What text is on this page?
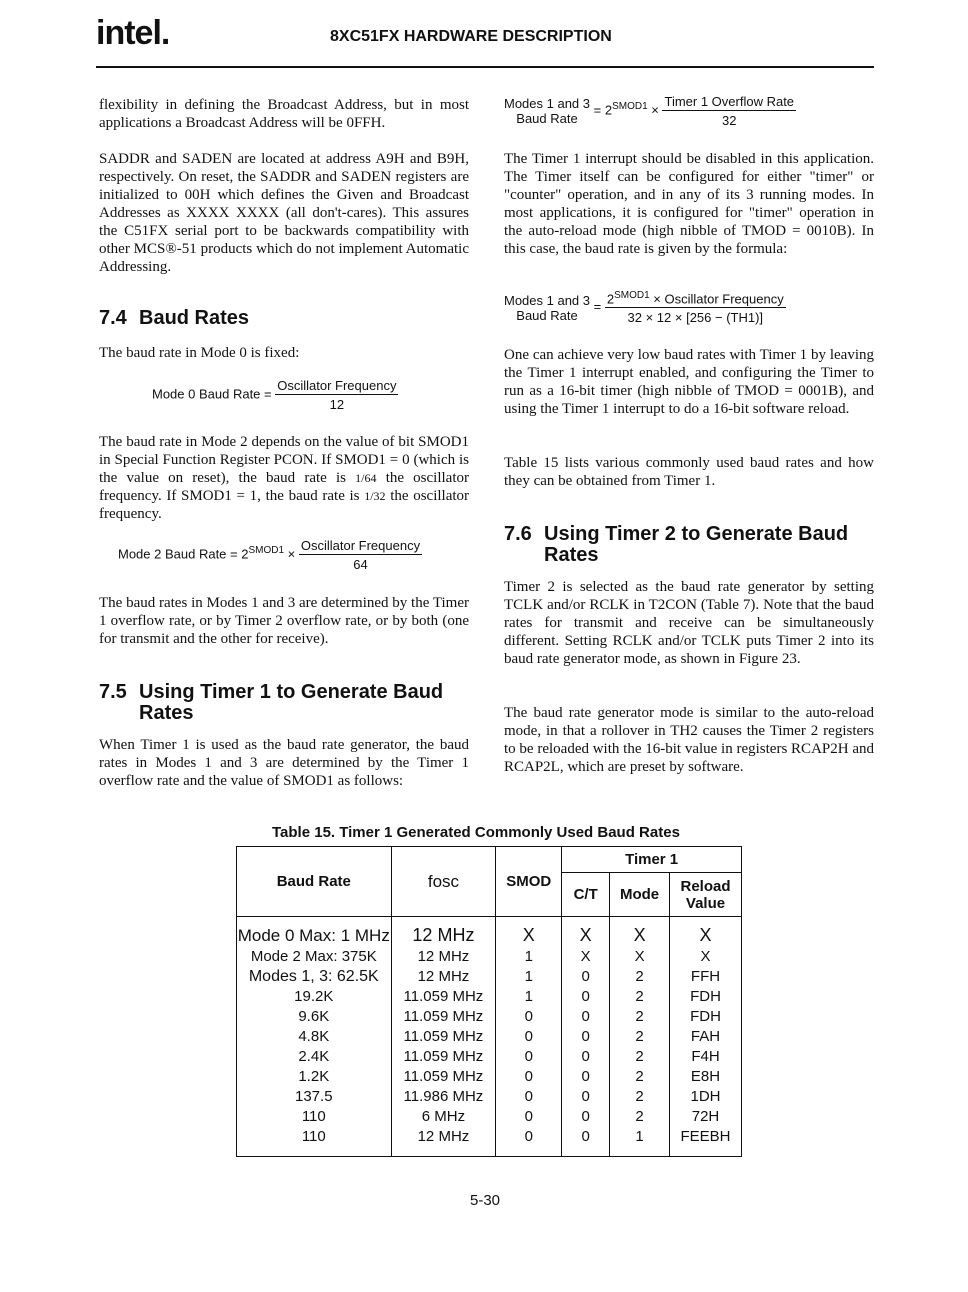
intel.	8XC51FX HARDWARE DESCRIPTION

flexibility in defining the Broadcast Address, but in most applications a Broadcast Address will be 0FFH.

SADDR and SADEN are located at address A9H and B9H, respectively. On reset, the SADDR and SADEN registers are initialized to 00H which defines the Given and Broadcast Addresses as XXXX XXXX (all don't-cares). This assures the C51FX serial port to be backwards compatibility with other MCS®-51 products which do not implement Automatic Addressing.

7.4 Baud Rates

The baud rate in Mode 0 is fixed:

Mode 0 Baud Rate = $\frac{\text{Oscillator Frequency}}{12}$

The baud rate in Mode 2 depends on the value of bit SMOD1 in Special Function Register PCON. If SMOD1 = 0 (which is the value on reset), the baud rate is 1/64 the oscillator frequency. If SMOD1 = 1, the baud rate is 1/32 the oscillator frequency.

Mode 2 Baud Rate = $2^{SMOD1} \times \frac{\text{Oscillator Frequency}}{64}$

The baud rates in Modes 1 and 3 are determined by the Timer 1 overflow rate, or by Timer 2 overflow rate, or by both (one for transmit and the other for receive).

7.5 Using Timer 1 to Generate Baud
Rates

When Timer 1 is used as the baud rate generator, the baud rates in Modes 1 and 3 are determined by the Timer 1 overflow rate and the value of SMOD1 as follows:

Modes 1 and 3
Baud Rate
= $2^{SMOD1} \times \frac{\text{Timer 1 Overflow Rate}}{32}$

The Timer 1 interrupt should be disabled in this application. The Timer itself can be configured for either "timer" or "counter" operation, and in any of its 3 running modes. In most applications, it is configured for "timer" operation in the auto-reload mode (high nibble of TMOD = 0010B). In this case, the baud rate is given by the formula:

Modes 1 and 3
Baud Rate
= $\frac{2^{SMOD1} \times Oscillator Frequency}{32 \times 12 \times [256 - (TH1)]}$

One can achieve very low baud rates with Timer 1 by leaving the Timer 1 interrupt enabled, and configuring the Timer to run as a 16-bit timer (high nibble of TMOD = 0001B), and using the Timer 1 interrupt to do a 16-bit software reload.

Table 15 lists various commonly used baud rates and how they can be obtained from Timer 1.

7.6 Using Timer 2 to Generate Baud
Rates

Timer 2 is selected as the baud rate generator by setting TCLK and/or RCLK in T2CON (Table 7). Note that the baud rates for transmit and receive can be simultaneously different. Setting RCLK and/or TCLK puts Timer 2 into its baud rate generator mode, as shown in Figure 23.

The baud rate generator mode is similar to the auto-reload mode, in that a rollover in TH2 causes the Timer 2 registers to be reloaded with the 16-bit value in registers RCAP2H and RCAP2L, which are preset by software.

Table 15. Timer 1 Generated Commonly Used Baud Rates
Baud Rate	fosc	SMOD	Timer 1		
			C/T	Mode	Reload
Value

Mode 0 Max: 1 MHz	12 MHz	X	X	X	X
Mode 2 Max: 375K	12 MHz	1	X	X	X
Modes 1, 3: 62.5K	12 MHz	1	0	2	FFH
19.2K	11.059 MHz	1	0	2	FDH
9.6K	11.059 MHz	0	0	2	FDH
4.8K	11.059 MHz	0	0	2	FAH
2.4K	11.059 MHz	0	0	2	F4H
1.2K	11.059 MHz	0	0	2	E8H
137.5	11.986 MHz	0	0	2	1DH
110	6 MHz	0	0	2	72H
110	12 MHz	0	0	1	FEEBH

5-30
